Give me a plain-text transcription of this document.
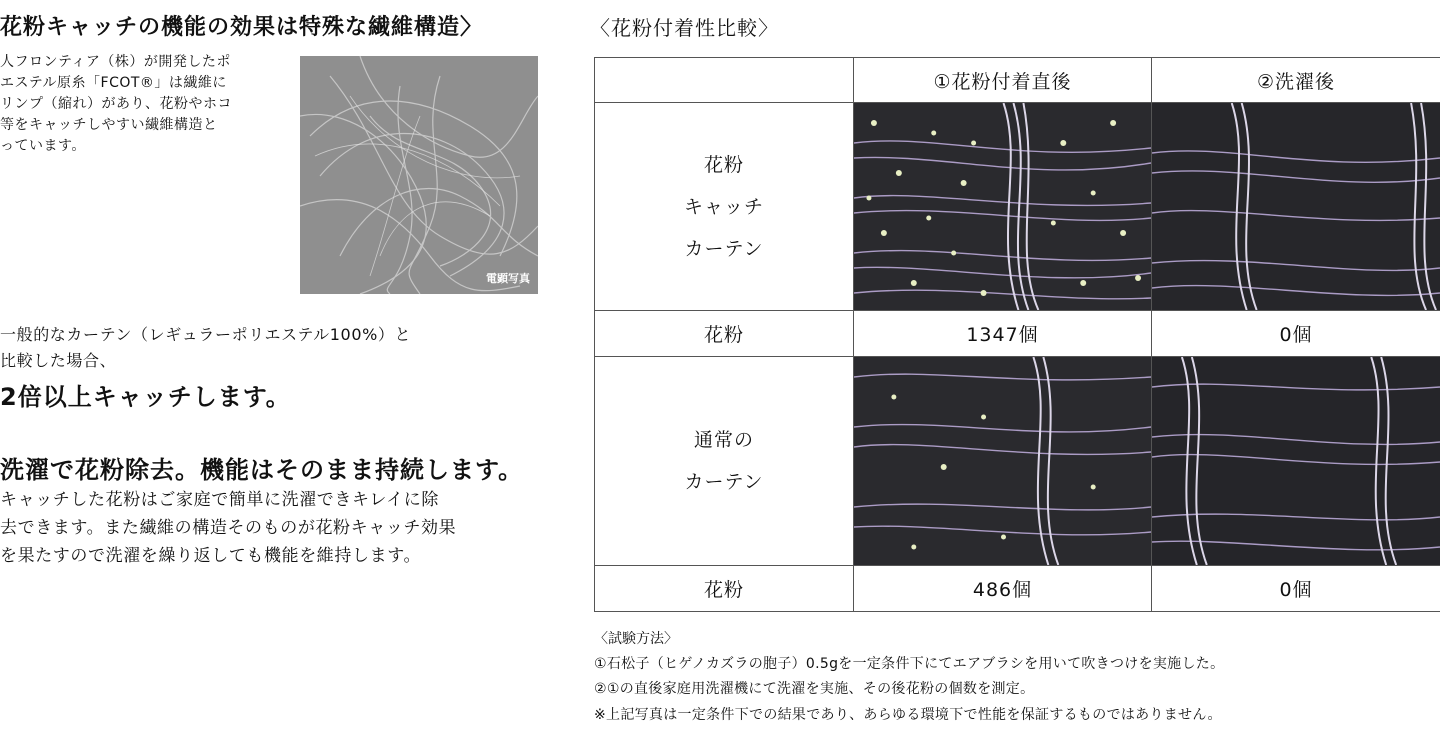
花粉キャッチの機能の効果は特殊な繊維構造〉
人フロンティア（株）が開発したポ
エステル原糸「FCOT®」は繊維に
リンプ（縮れ）があり、花粉やホコ
等をキャッチしやすい繊維構造と
っています。
電顕写真
一般的なカーテン（レギュラーポリエステル100%）と
比較した場合、
2倍以上キャッチします。
洗濯で花粉除去。機能はそのまま持続します。
キャッチした花粉はご家庭で簡単に洗濯できキレイに除
去できます。また繊維の構造そのものが花粉キャッチ効果
を果たすので洗濯を繰り返しても機能を維持します。
〈花粉付着性比較〉
	①花粉付着直後	②洗濯後
花粉
キャッチ
カーテン	

花粉	1347個	0個
通常の
カーテン	

花粉	486個	0個
〈試験方法〉
①石松子（ヒゲノカズラの胞子）0.5gを一定条件下にてエアブラシを用いて吹きつけを実施した。
②①の直後家庭用洗濯機にて洗濯を実施、その後花粉の個数を測定。
※上記写真は一定条件下での結果であり、あらゆる環境下で性能を保証するものではありません。
